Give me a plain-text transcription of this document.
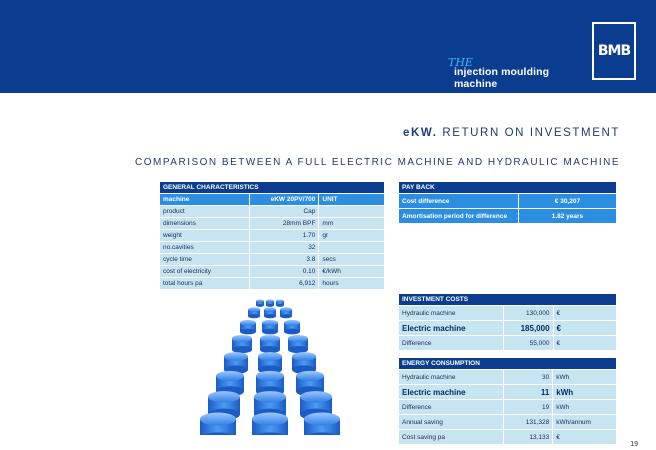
THE
injection moulding machine
BMB
eKW. RETURN ON INVESTMENT
COMPARISON BETWEEN A FULL ELECTRIC MACHINE AND HYDRAULIC MACHINE
GENERAL CHARACTERISTICS		
machine	eKW 20PV/700	UNIT
product	Cap	
dimensions	28mm BPF	mm
weight	1.70	gr
no.cavities	32	
cycle time	3.8	secs
cost of electricity	0.10	€/kWh
total hours pa	6,912	hours
PAY BACK	
Cost difference	€ 30,207
Amortisation period for difference	1.82 years
INVESTMENT COSTS		
Hydraulic machine	130,000	€
Electric machine	185,000	€
Difference	55,000	€
ENERGY CONSUMPTION		
Hydraulic machine	30	kWh
Electric machine	11	kWh
Difference	19	kWh
Annual saving	131,328	kWh/annum
Cost saving pa	13,133	€
19
